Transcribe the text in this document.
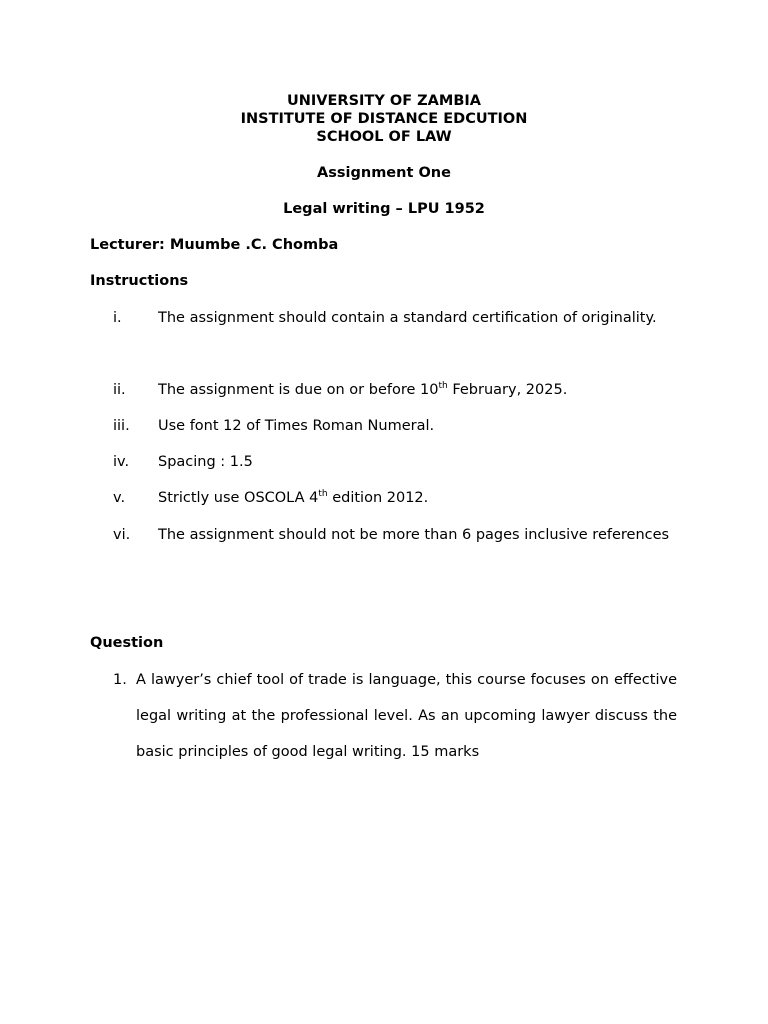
UNIVERSITY OF ZAMBIA
INSTITUTE OF DISTANCE EDCUTION
SCHOOL OF LAW
Assignment One
Legal writing – LPU 1952
Lecturer: Muumbe .C. Chomba
Instructions
i.	The assignment should contain a standard certification of originality.
ii. The assignment is due on or before 10th February, 2025.
iii. Use font 12 of Times Roman Numeral.
iv. Spacing : 1.5
v. Strictly use OSCOLA 4th edition 2012.
vi. The assignment should not be more than 6 pages inclusive references
Question
1. A lawyer’s chief tool of trade is language, this course focuses on effective legal writing at the professional level. As an upcoming lawyer discuss the basic principles of good legal writing. 15 marks
